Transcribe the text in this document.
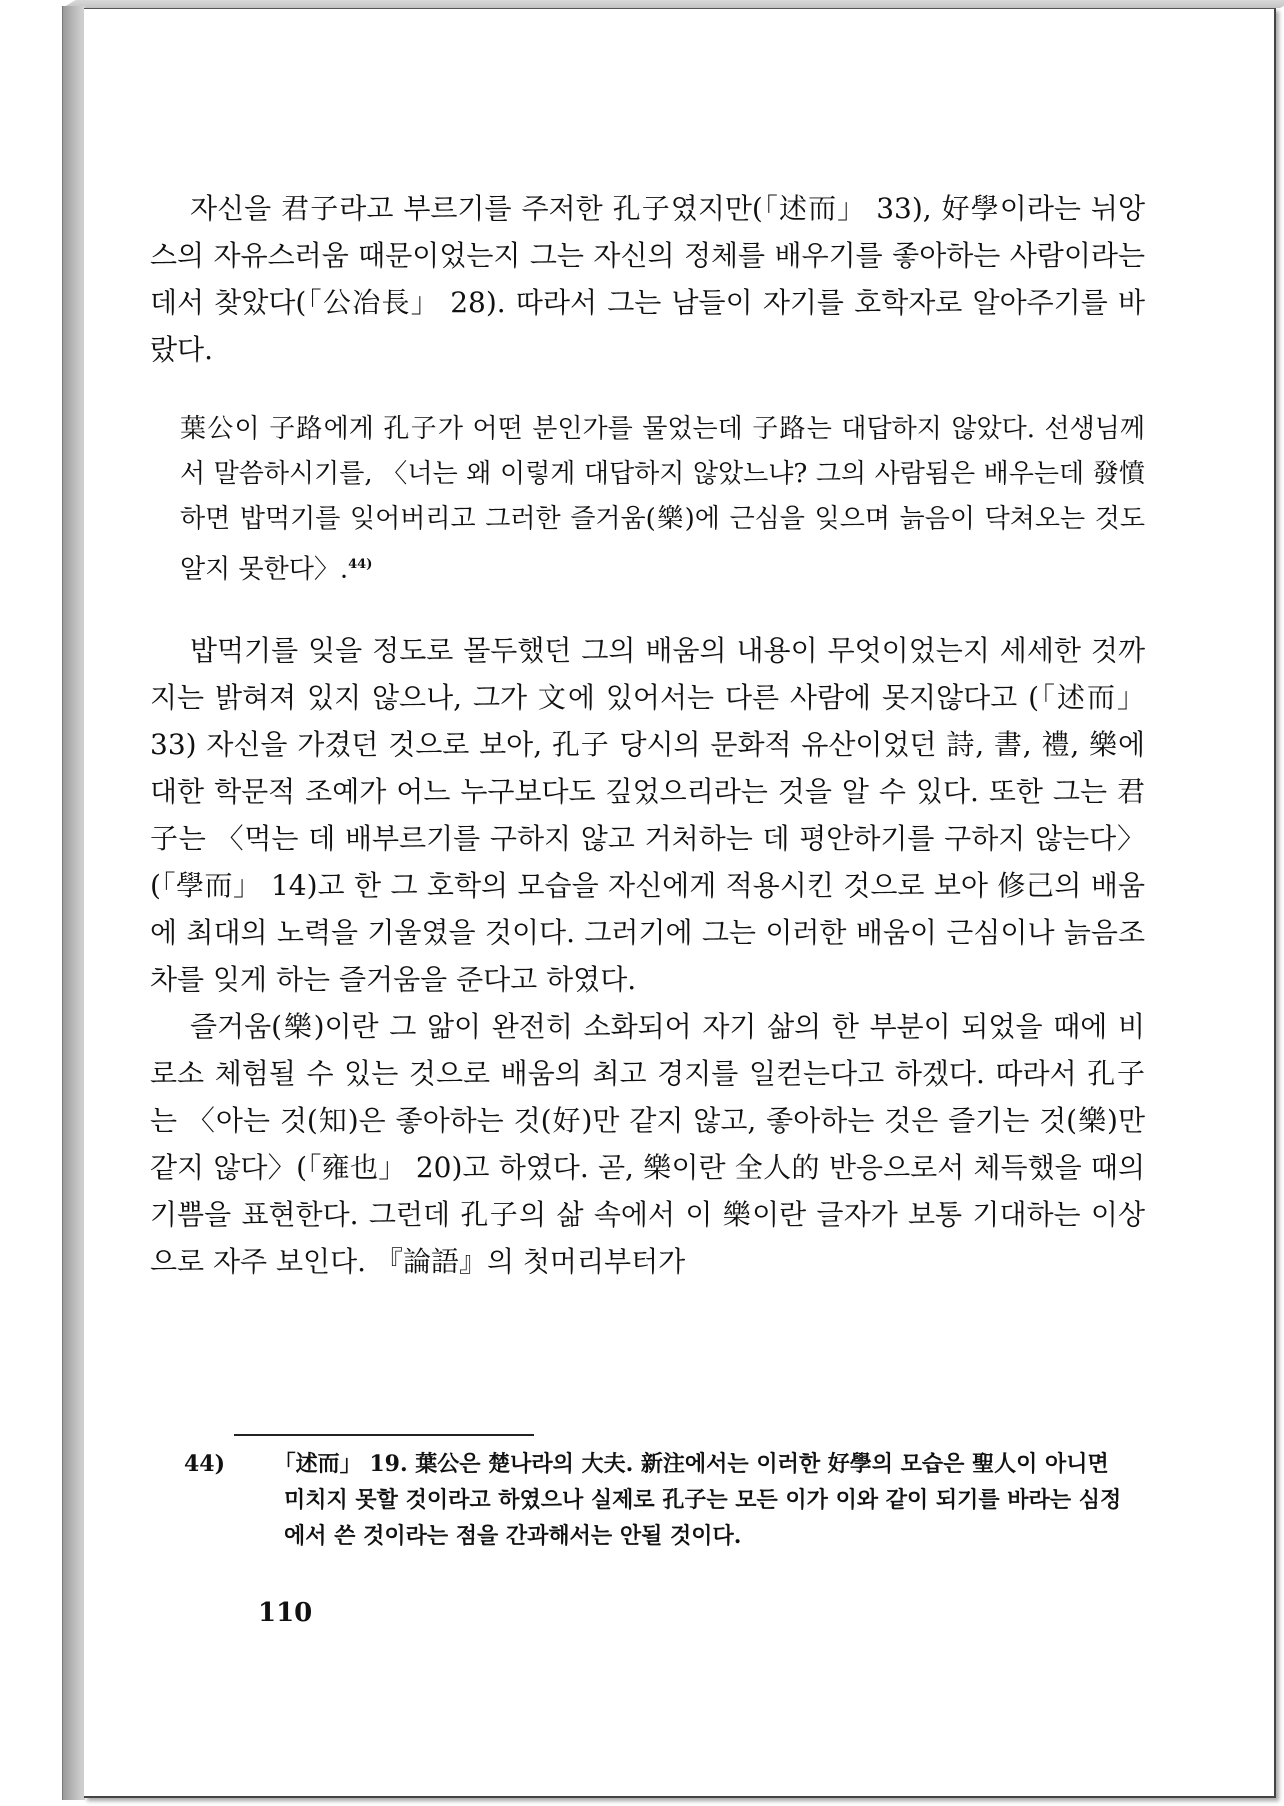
자신을 君子라고 부르기를 주저한 孔子였지만(「述而」 33), 好學이라는 뉘앙스의 자유스러움 때문이었는지 그는 자신의 정체를 배우기를 좋아하는 사람이라는 데서 찾았다(「公冶長」 28). 따라서 그는 남들이 자기를 호학자로 알아주기를 바랐다.

葉公이 子路에게 孔子가 어떤 분인가를 물었는데 子路는 대답하지 않았다. 선생님께서 말씀하시기를, 〈너는 왜 이렇게 대답하지 않았느냐? 그의 사람됨은 배우는데 發憤하면 밥먹기를 잊어버리고 그러한 즐거움(樂)에 근심을 잊으며 늙음이 닥쳐오는 것도 알지 못한다〉.$^{44)}$

밥먹기를 잊을 정도로 몰두했던 그의 배움의 내용이 무엇이었는지 세세한 것까지는 밝혀져 있지 않으나, 그가 文에 있어서는 다른 사람에 못지않다고 (「述而」 33) 자신을 가겼던 것으로 보아, 孔子 당시의 문화적 유산이었던 詩, 書, 禮, 樂에 대한 학문적 조예가 어느 누구보다도 깊었으리라는 것을 알 수 있다. 또한 그는 君子는 〈먹는 데 배부르기를 구하지 않고 거처하는 데 평안하기를 구하지 않는다〉(「學而」 14)고 한 그 호학의 모습을 자신에게 적용시킨 것으로 보아 修己의 배움에 최대의 노력을 기울였을 것이다. 그러기에 그는 이러한 배움이 근심이나 늙음조차를 잊게 하는 즐거움을 준다고 하였다.

즐거움(樂)이란 그 앎이 완전히 소화되어 자기 삶의 한 부분이 되었을 때에 비로소 체험될 수 있는 것으로 배움의 최고 경지를 일컫는다고 하겠다. 따라서 孔子는 〈아는 것(知)은 좋아하는 것(好)만 같지 않고, 좋아하는 것은 즐기는 것(樂)만 같지 않다〉(「雍也」 20)고 하였다. 곧, 樂이란 全人的 반응으로서 체득했을 때의 기쁨을 표현한다. 그런데 孔子의 삶 속에서 이 樂이란 글자가 보통 기대하는 이상으로 자주 보인다. 『論語』의 첫머리부터가

44) 「述而」 19. 葉公은 楚나라의 大夫. 新注에서는 이러한 好學의 모습은 聖人이 아니면 미치지 못할 것이라고 하였으나 실제로 孔子는 모든 이가 이와 같이 되기를 바라는 심정에서 쓴 것이라는 점을 간과해서는 안될 것이다.
110
